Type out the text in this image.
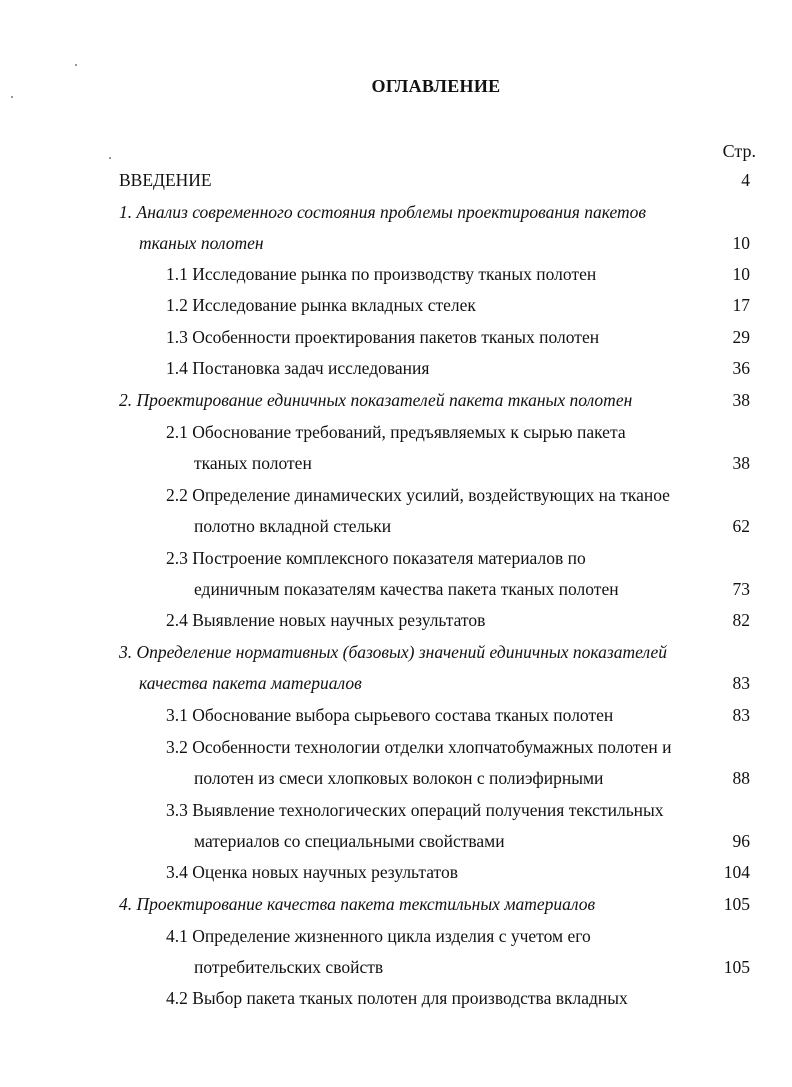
ОГЛАВЛЕНИЕ
Стр.
ВВЕДЕНИЕ	4
1. Анализ современного состояния проблемы проектирования пакетов
тканых полотен	10
1.1 Исследование рынка по производству тканых полотен	10
1.2 Исследование рынка вкладных стелек	17
1.3 Особенности проектирования пакетов тканых полотен	29
1.4 Постановка задач исследования	36
2. Проектирование единичных показателей пакета тканых полотен	38
2.1 Обоснование требований, предъявляемых к сырью пакета
тканых полотен	38
2.2 Определение динамических усилий, воздействующих на тканое
полотно вкладной стельки	62
2.3 Построение комплексного показателя материалов по
единичным показателям качества пакета тканых полотен	73
2.4 Выявление новых научных результатов	82
3. Определение нормативных (базовых) значений единичных показателей
качества пакета материалов	83
3.1 Обоснование выбора сырьевого состава тканых полотен	83
3.2 Особенности технологии отделки хлопчатобумажных полотен и
полотен из смеси хлопковых волокон с полиэфирными	88
3.3 Выявление технологических операций получения текстильных
материалов со специальными свойствами	96
3.4 Оценка новых научных результатов	104
4. Проектирование качества пакета текстильных материалов	105
4.1 Определение жизненного цикла изделия с учетом его
потребительских свойств	105
4.2 Выбор пакета тканых полотен для производства вкладных
